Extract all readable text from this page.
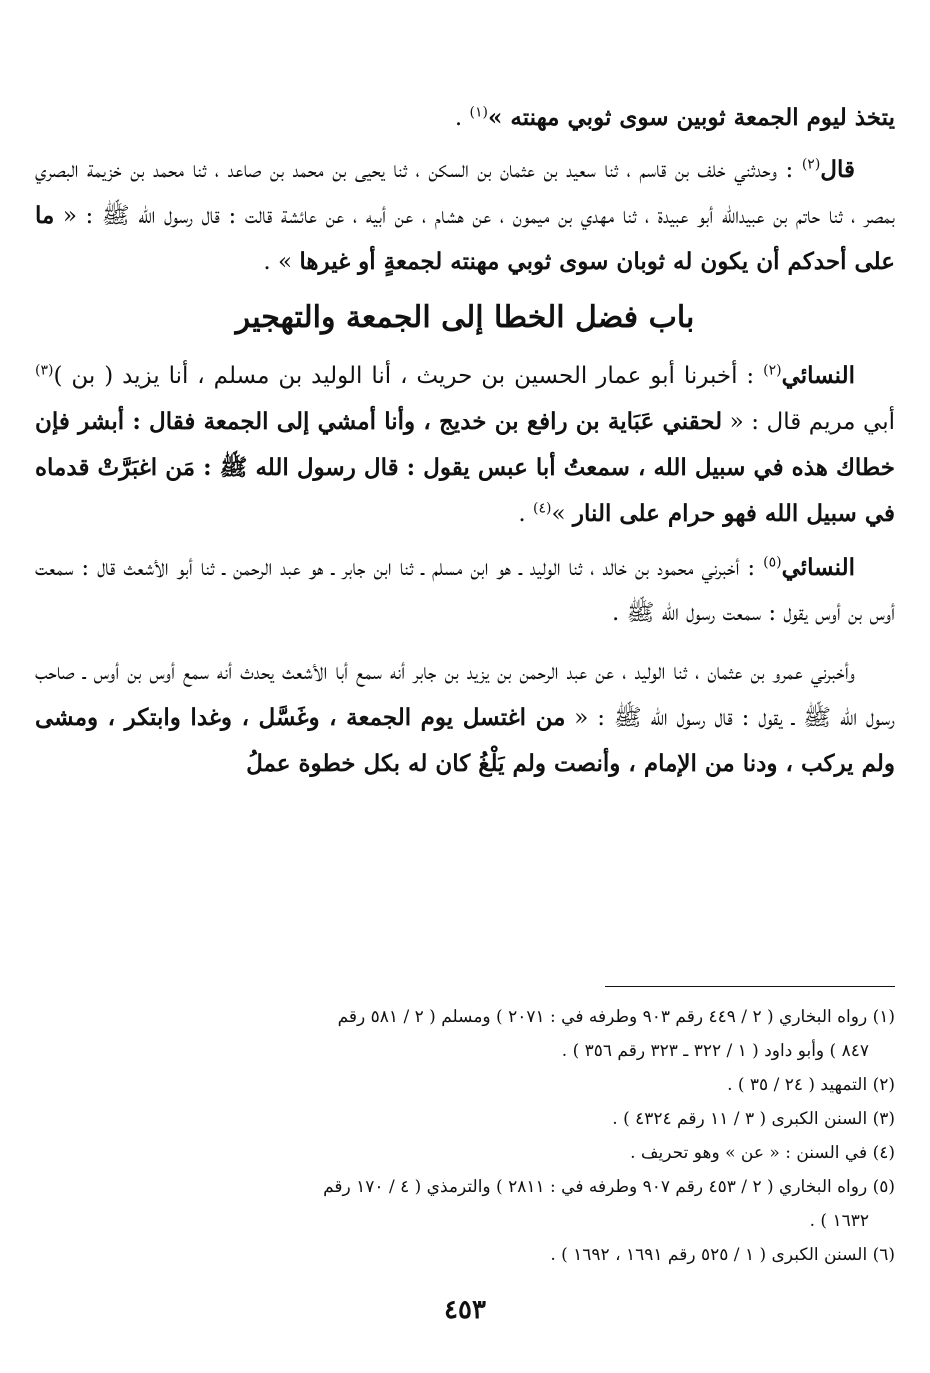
يتخذ ليوم الجمعة ثوبين سوى ثوبي مهنته »$^{(١)}$ .

قال$^{(٢)}$ : وحدثني خلف بن قاسم ، ثنا سعيد بن عثمان بن السكن ، ثنا يحيى بن محمد بن صاعد ، ثنا محمد بن خزيمة البصري بمصر ، ثنا حاتم بن عبيدالله أبو عبيدة ، ثنا مهدي بن ميمون ، عن هشام ، عن أبيه ، عن عائشة قالت : قال رسول الله ﷺ : « ما على أحدكم أن يكون له ثوبان سوى ثوبي مهنته لجمعةٍ أو غيرها » .

باب فضل الخطا إلى الجمعة والتهجير

النسائي$^{(٢)}$ : أخبرنا أبو عمار الحسين بن حريث ، أنا الوليد بن مسلم ، أنا يزيد ( بن )$^{(٣)}$ أبي مريم قال : « لحقني عَبَاية بن رافع بن خديج ، وأنا أمشي إلى الجمعة فقال : أبشر فإن خطاك هذه في سبيل الله ، سمعتُ أبا عبس يقول : قال رسول الله ﷺ : مَن اغبَرَّتْ قدماه في سبيل الله فهو حرام على النار »$^{(٤)}$ .

النسائي$^{(٥)}$ : أخبرني محمود بن خالد ، ثنا الوليد ـ هو ابن مسلم ـ ثنا ابن جابر ـ هو عبد الرحمن ـ ثنا أبو الأشعث قال : سمعت أوس بن أوس يقول : سمعت رسول الله ﷺ .

وأخبرني عمرو بن عثمان ، ثنا الوليد ، عن عبد الرحمن بن يزيد بن جابر أنه سمع أبا الأشعث يحدث أنه سمع أوس بن أوس ـ صاحب رسول الله ﷺ ـ يقول : قال رسول الله ﷺ : « من اغتسل يوم الجمعة ، وغَسَّل ، وغدا وابتكر ، ومشى ولم يركب ، ودنا من الإمام ، وأنصت ولم يَلْغُ كان له بكل خطوة عملُ

(١) رواه البخاري ( ٢ / ٤٤٩ رقم ٩٠٣ وطرفه في : ٢٠٧١ ) ومسلم ( ٢ / ٥٨١ رقم
٨٤٧ ) وأبو داود ( ١ / ٣٢٢ ـ ٣٢٣ رقم ٣٥٦ ) .

(٢) التمهيد ( ٢٤ / ٣٥ ) .

(٣) السنن الكبرى ( ٣ / ١١ رقم ٤٣٢٤ ) .

(٤) في السنن : « عن » وهو تحريف .

(٥) رواه البخاري ( ٢ / ٤٥٣ رقم ٩٠٧ وطرفه في : ٢٨١١ ) والترمذي ( ٤ / ١٧٠ رقم
١٦٣٢ ) .

(٦) السنن الكبرى ( ١ / ٥٢٥ رقم ١٦٩١ ، ١٦٩٢ ) .

٤٥٣
